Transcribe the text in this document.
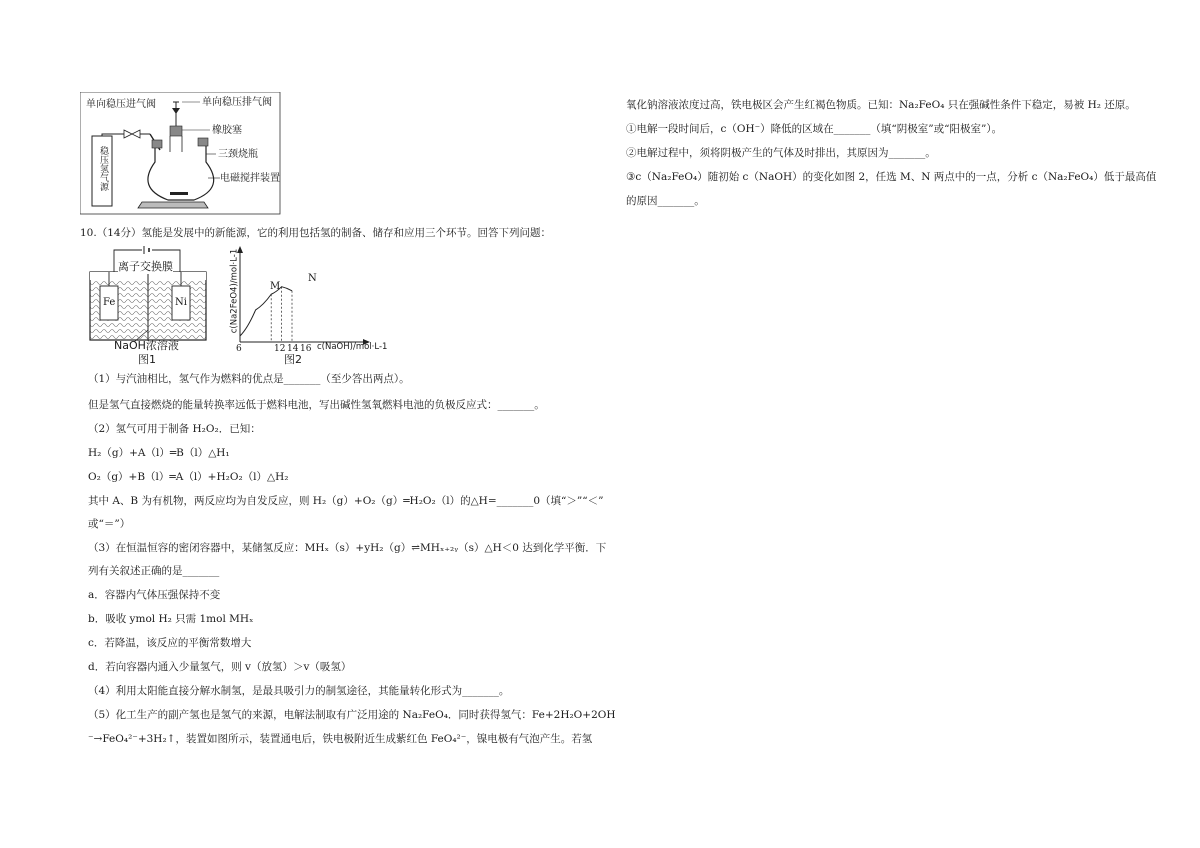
单向稳压进气阀	单向稳压排气阀
橡胶塞
三颈烧瓶
电磁搅拌装置
稳压氢气源
10.（14分）氢能是发展中的新能源，它的利用包括氢的制备、储存和应用三个环节。回答下列问题：
离子交换膜
Fe	Ni
NaOH浓溶液
图1
c(Na2FeO4)/mol·L-1
6
M
N
12 14 16 c(NaOH)/mol·L-1
图2
（1）与汽油相比，氢气作为燃料的优点是_______（至少答出两点）。
但是氢气直接燃烧的能量转换率远低于燃料电池，写出碱性氢氧燃料电池的负极反应式：_______。
（2）氢气可用于制备 H₂O₂．已知：
H₂（g）+A（l）═B（l）△H₁
O₂（g）+B（l）═A（l）+H₂O₂（l）△H₂
其中 A、B 为有机物，两反应均为自发反应，则 H₂（g）+O₂（g）═H₂O₂（l）的△H=_______0（填“＞”“＜”
或“＝”）
（3）在恒温恒容的密闭容器中，某储氢反应：MHₓ（s）+yH₂（g）⇌MHₓ₊₂ᵧ（s）△H＜0 达到化学平衡．下
列有关叙述正确的是_______
a．容器内气体压强保持不变
b．吸收 ymol H₂ 只需 1mol MHₓ
c．若降温，该反应的平衡常数增大
d．若向容器内通入少量氢气，则 v（放氢）＞v（吸氢）
（4）利用太阳能直接分解水制氢，是最具吸引力的制氢途径，其能量转化形式为_______。
（5）化工生产的副产氢也是氢气的来源，电解法制取有广泛用途的 Na₂FeO₄．同时获得氢气：Fe+2H₂O+2OH
⁻→FeO₄²⁻+3H₂↑，装置如图所示，装置通电后，铁电极附近生成紫红色 FeO₄²⁻，镍电极有气泡产生。若氢
氧化钠溶液浓度过高，铁电极区会产生红褐色物质。已知：Na₂FeO₄ 只在强碱性条件下稳定，易被 H₂ 还原。
①电解一段时间后，c（OH⁻）降低的区域在_______（填“阴极室”或“阳极室”）。
②电解过程中，须将阴极产生的气体及时排出，其原因为_______。
③c（Na₂FeO₄）随初始 c（NaOH）的变化如图 2，任选 M、N 两点中的一点，分析 c（Na₂FeO₄）低于最高值
的原因_______。
